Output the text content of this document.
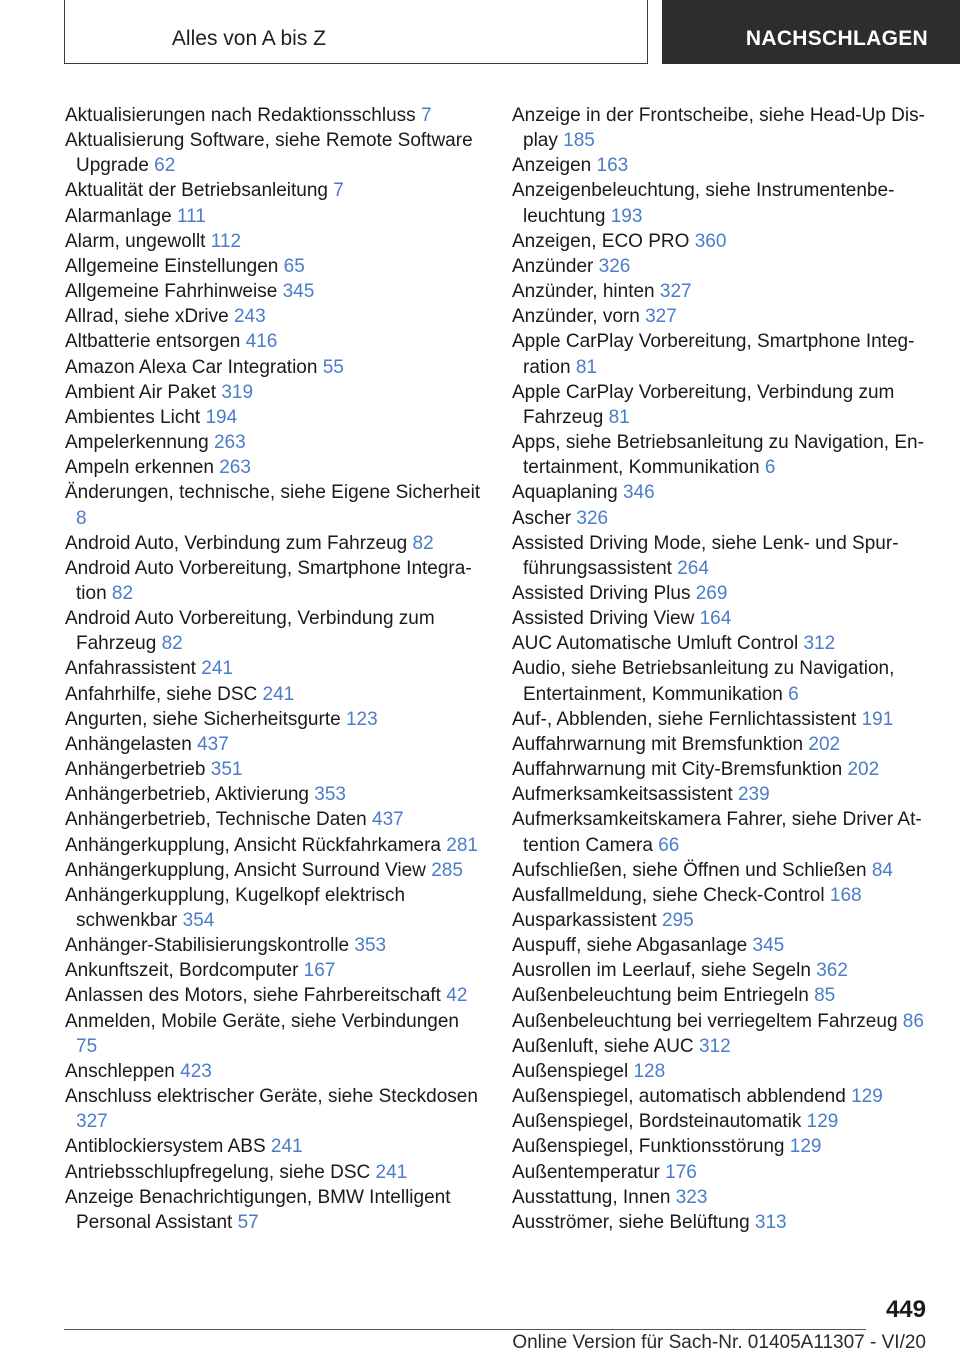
Alles von A bis Z	NACHSCHLAGEN

Aktualisierungen nach Redaktionsschluss 7

Aktualisierung Software, siehe Remote Software Upgrade 62

Aktualität der Betriebsanleitung 7

Alarmanlage 111

Alarm, ungewollt 112

Allgemeine Einstellungen 65

Allgemeine Fahrhinweise 345

Allrad, siehe xDrive 243

Altbatterie entsorgen 416

Amazon Alexa Car Integration 55

Ambient Air Paket 319

Ambientes Licht 194

Ampelerkennung 263

Ampeln erkennen 263

Änderungen, technische, siehe Eigene Sicherheit 8

Android Auto, Verbindung zum Fahrzeug 82

Android Auto Vorbereitung, Smartphone Integration 82

Android Auto Vorbereitung, Verbindung zum Fahrzeug 82

Anfahrassistent 241

Anfahrhilfe, siehe DSC 241

Angurten, siehe Sicherheitsgurte 123

Anhängelasten 437

Anhängerbetrieb 351

Anhängerbetrieb, Aktivierung 353

Anhängerbetrieb, Technische Daten 437

Anhängerkupplung, Ansicht Rückfahrkamera 281

Anhängerkupplung, Ansicht Surround View 285

Anhängerkupplung, Kugelkopf elektrisch schwenkbar 354

Anhänger-Stabilisierungskontrolle 353

Ankunftszeit, Bordcomputer 167

Anlassen des Motors, siehe Fahrbereitschaft 42

Anmelden, Mobile Geräte, siehe Verbindungen 75

Anschleppen 423

Anschluss elektrischer Geräte, siehe Steckdosen 327

Antiblockiersystem ABS 241

Antriebsschlupfregelung, siehe DSC 241

Anzeige Benachrichtigungen, BMW Intelligent Personal Assistant 57

Anzeige in der Frontscheibe, siehe Head-Up Display 185

Anzeigen 163

Anzeigenbeleuchtung, siehe Instrumentenbeleuchtung 193

Anzeigen, ECO PRO 360

Anzünder 326

Anzünder, hinten 327

Anzünder, vorn 327

Apple CarPlay Vorbereitung, Smartphone Integration 81

Apple CarPlay Vorbereitung, Verbindung zum Fahrzeug 81

Apps, siehe Betriebsanleitung zu Navigation, Entertainment, Kommunikation 6

Aquaplaning 346

Ascher 326

Assisted Driving Mode, siehe Lenk- und Spurführungsassistent 264

Assisted Driving Plus 269

Assisted Driving View 164

AUC Automatische Umluft Control 312

Audio, siehe Betriebsanleitung zu Navigation, Entertainment, Kommunikation 6

Auf-, Abblenden, siehe Fernlichtassistent 191

Auffahrwarnung mit Bremsfunktion 202

Auffahrwarnung mit City-Bremsfunktion 202

Aufmerksamkeitsassistent 239

Aufmerksamkeitskamera Fahrer, siehe Driver Attention Camera 66

Aufschließen, siehe Öffnen und Schließen 84

Ausfallmeldung, siehe Check-Control 168

Ausparkassistent 295

Auspuff, siehe Abgasanlage 345

Ausrollen im Leerlauf, siehe Segeln 362

Außenbeleuchtung beim Entriegeln 85

Außenbeleuchtung bei verriegeltem Fahrzeug 86

Außenluft, siehe AUC 312

Außenspiegel 128

Außenspiegel, automatisch abblendend 129

Außenspiegel, Bordsteinautomatik 129

Außenspiegel, Funktionsstörung 129

Außentemperatur 176

Ausstattung, Innen 323

Ausströmer, siehe Belüftung 313

449
Online Version für Sach-Nr. 01405A11307 - VI/20
